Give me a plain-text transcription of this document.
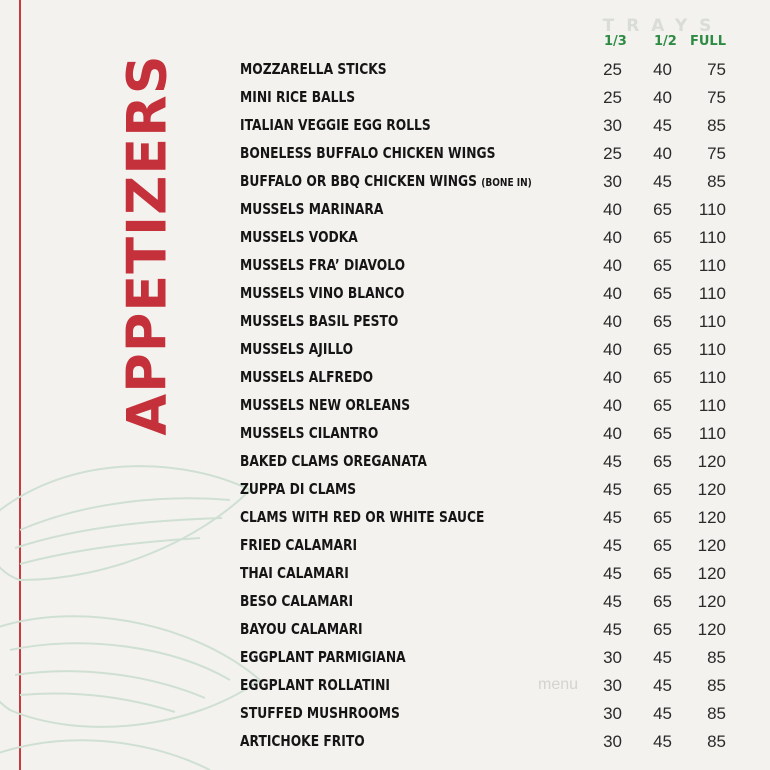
APPETIZERS
TRAYS
1/3 1/2 FULL
MOZZARELLA STICKS	25	40	75
MINI RICE BALLS	25	40	75
ITALIAN VEGGIE EGG ROLLS	30	45	85
BONELESS BUFFALO CHICKEN WINGS	25	40	75
BUFFALO OR BBQ CHICKEN WINGS (BONE IN)	30	45	85
MUSSELS MARINARA	40	65	110
MUSSELS VODKA	40	65	110
MUSSELS FRA’ DIAVOLO	40	65	110
MUSSELS VINO BLANCO	40	65	110
MUSSELS BASIL PESTO	40	65	110
MUSSELS AJILLO	40	65	110
MUSSELS ALFREDO	40	65	110
MUSSELS NEW ORLEANS	40	65	110
MUSSELS CILANTRO	40	65	110
BAKED CLAMS OREGANATA	45	65	120
ZUPPA DI CLAMS	45	65	120
CLAMS WITH RED OR WHITE SAUCE	45	65	120
FRIED CALAMARI	45	65	120
THAI CALAMARI	45	65	120
BESO CALAMARI	45	65	120
BAYOU CALAMARI	45	65	120
EGGPLANT PARMIGIANA	30	45	85
EGGPLANT ROLLATINI	30	45	85
STUFFED MUSHROOMS	30	45	85
ARTICHOKE FRITO	30	45	85
menu
